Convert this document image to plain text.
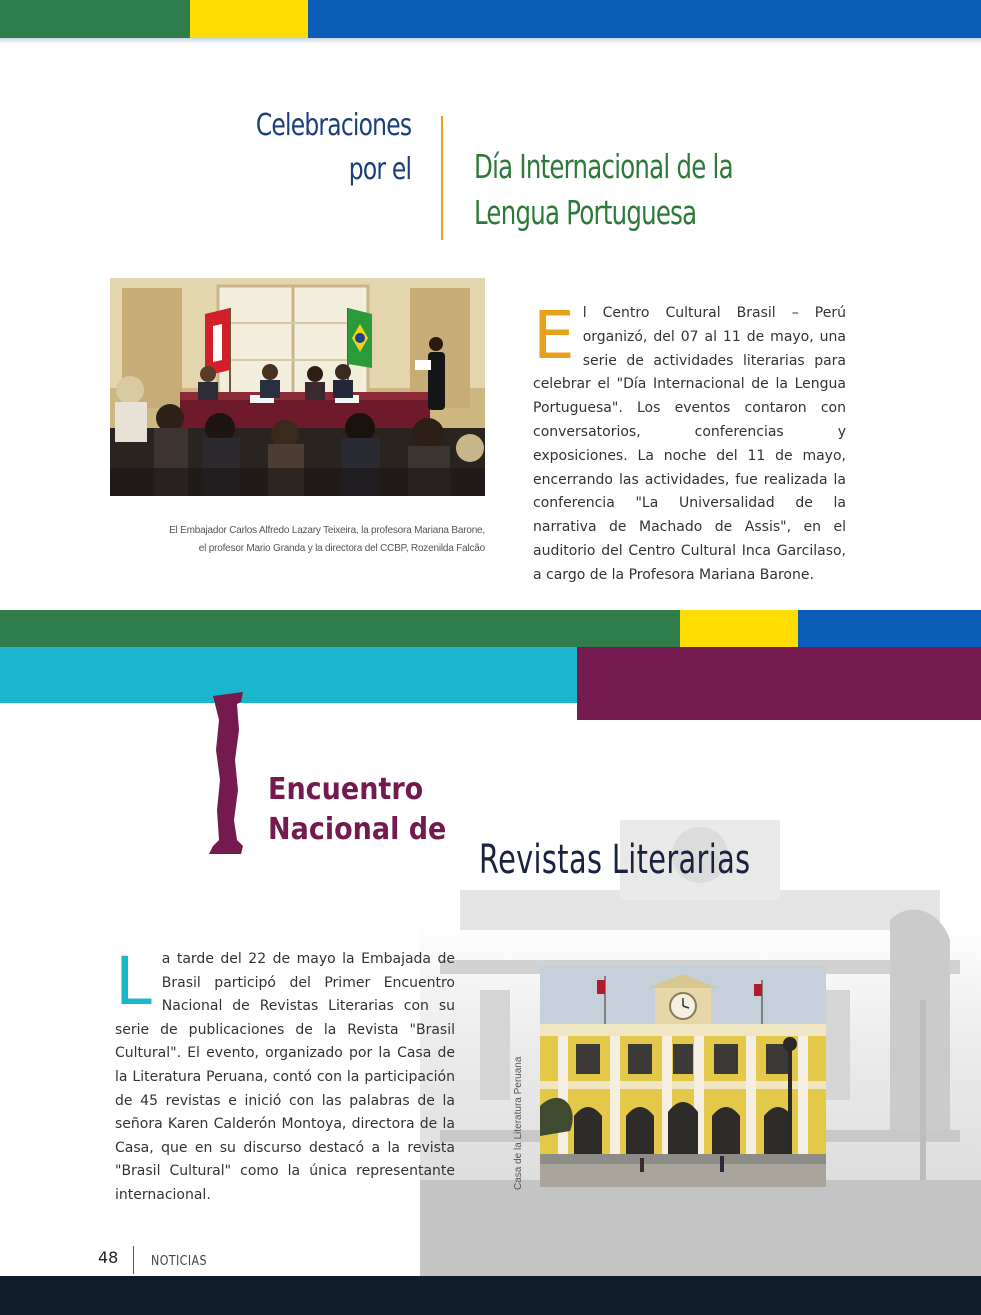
Celebraciones
por el Día Internacional de la
Lengua Portuguesa
El Embajador Carlos Alfredo Lazary Teixeira, la profesora Mariana Barone,
el profesor Mario Granda y la directora del CCBP, Rozenilda Falcão
El Centro Cultural Brasil – Perú organizó, del 07 al 11 de mayo, una serie de actividades literarias para celebrar el "Día Internacional de la Lengua Portuguesa". Los eventos contaron con conversatorios, conferencias y exposiciones. La noche del 11 de mayo, encerrando las actividades, fue realizada la conferencia "La Universalidad de la narrativa de Machado de Assis", en el auditorio del Centro Cultural Inca Garcilaso, a cargo de la Profesora Mariana Barone.
Encuentro
Nacional de
Revistas Literarias
La tarde del 22 de mayo la Embajada de Brasil participó del Primer Encuentro Nacional de Revistas Literarias con su serie de publicaciones de la Revista "Brasil Cultural". El evento, organizado por la Casa de la Literatura Peruana, contó con la participación de 45 revistas e inició con las palabras de la señora Karen Calderón Montoya, directora de la Casa, que en su discurso destacó a la revista "Brasil Cultural" como la única representante internacional.
Casa de la Literatura Peruana
48	NOTICIAS
